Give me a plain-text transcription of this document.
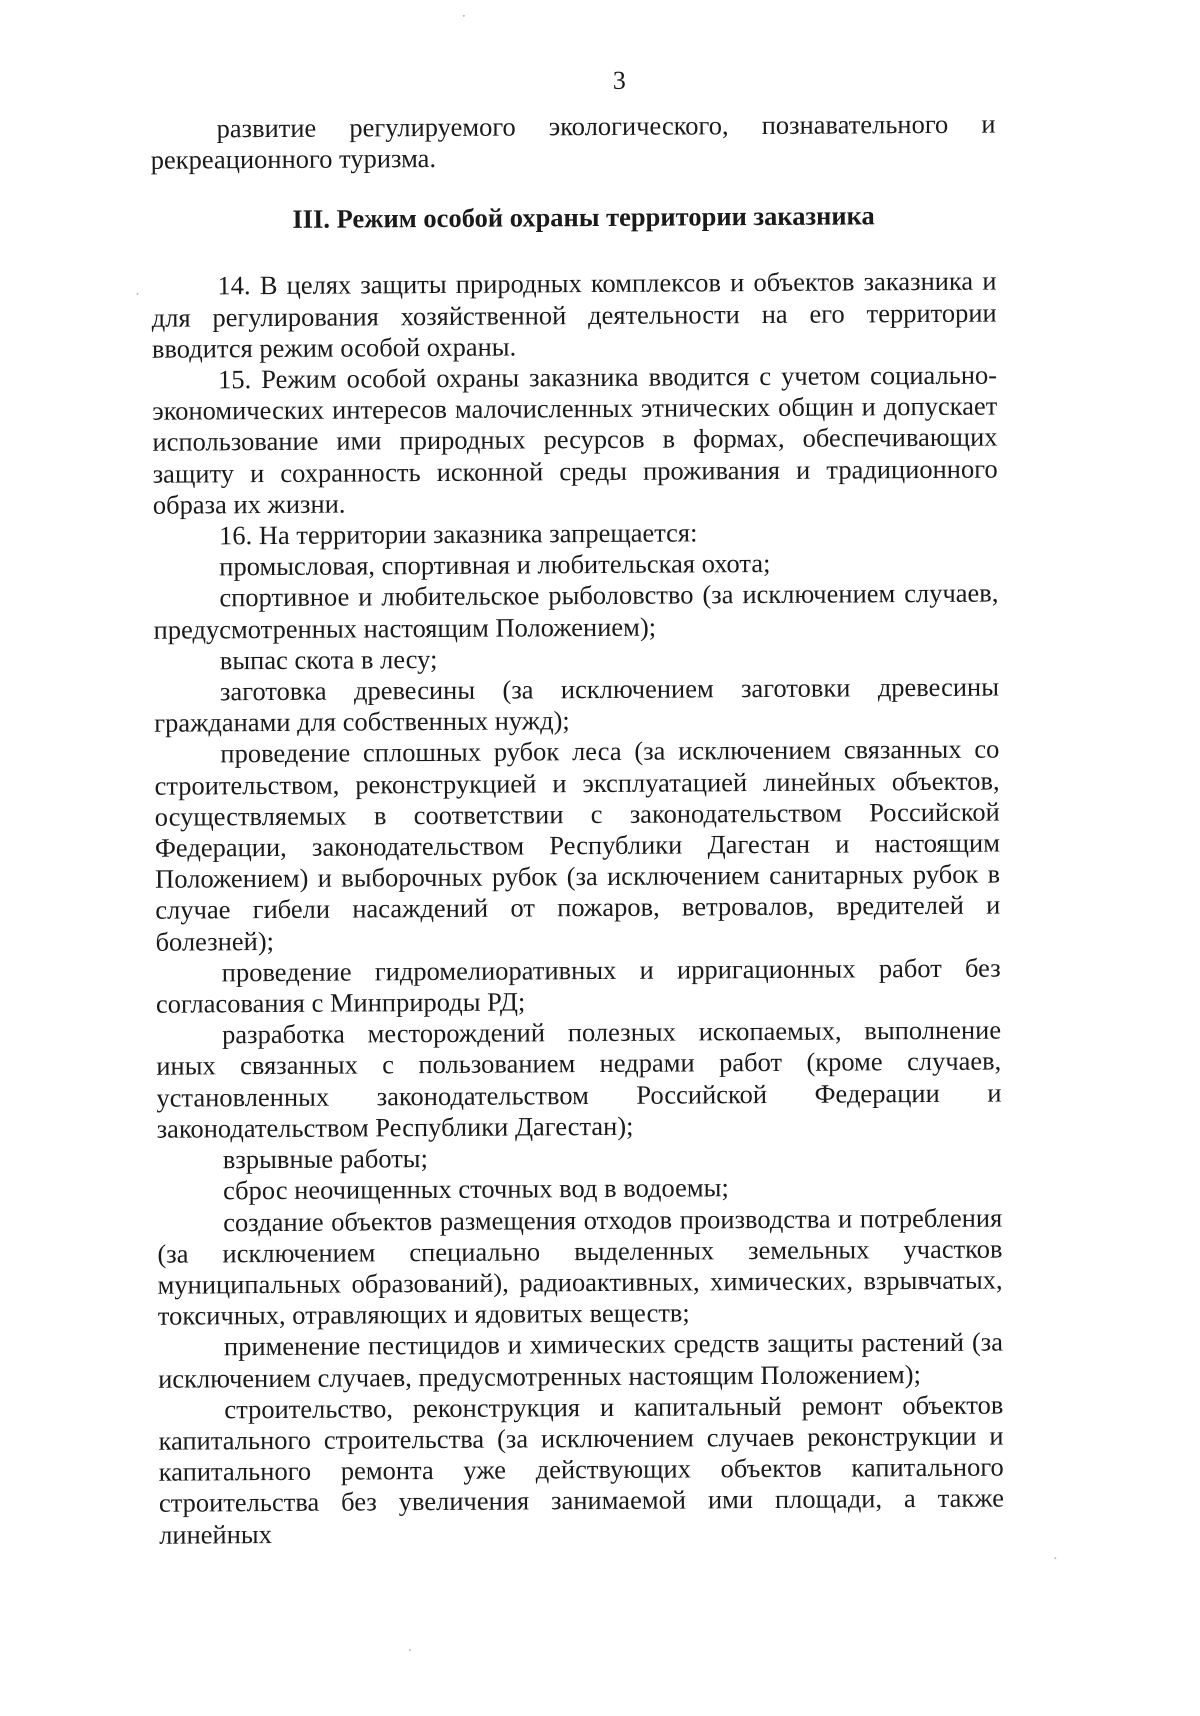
3

развитие регулируемого экологического, познавательного и рекреационного туризма.

III. Режим особой охраны территории заказника

14. В целях защиты природных комплексов и объектов заказника и для регулирования хозяйственной деятельности на его территории вводится режим особой охраны.

15. Режим особой охраны заказника вводится с учетом социально-экономических интересов малочисленных этнических общин и допускает использование ими природных ресурсов в формах, обеспечивающих защиту и сохранность исконной среды проживания и традиционного образа их жизни.

16. На территории заказника запрещается:

промысловая, спортивная и любительская охота;

спортивное и любительское рыболовство (за исключением случаев, предусмотренных настоящим Положением);

выпас скота в лесу;

заготовка древесины (за исключением заготовки древесины гражданами для собственных нужд);

проведение сплошных рубок леса (за исключением связанных со строительством, реконструкцией и эксплуатацией линейных объектов, осуществляемых в соответствии с законодательством Российской Федерации, законодательством Республики Дагестан и настоящим Положением) и выборочных рубок (за исключением санитарных рубок в случае гибели насаждений от пожаров, ветровалов, вредителей и болезней);

проведение гидромелиоративных и ирригационных работ без согласования с Минприроды РД;

разработка месторождений полезных ископаемых, выполнение иных связанных с пользованием недрами работ (кроме случаев, установленных законодательством Российской Федерации и законодательством Республики Дагестан);

взрывные работы;

сброс неочищенных сточных вод в водоемы;

создание объектов размещения отходов производства и потребления (за исключением специально выделенных земельных участков муниципальных образований), радиоактивных, химических, взрывчатых, токсичных, отравляющих и ядовитых веществ;

применение пестицидов и химических средств защиты растений (за исключением случаев, предусмотренных настоящим Положением);

строительство, реконструкция и капитальный ремонт объектов капитального строительства (за исключением случаев реконструкции и капитального ремонта уже действующих объектов капитального строительства без увеличения занимаемой ими площади, а также линейных
